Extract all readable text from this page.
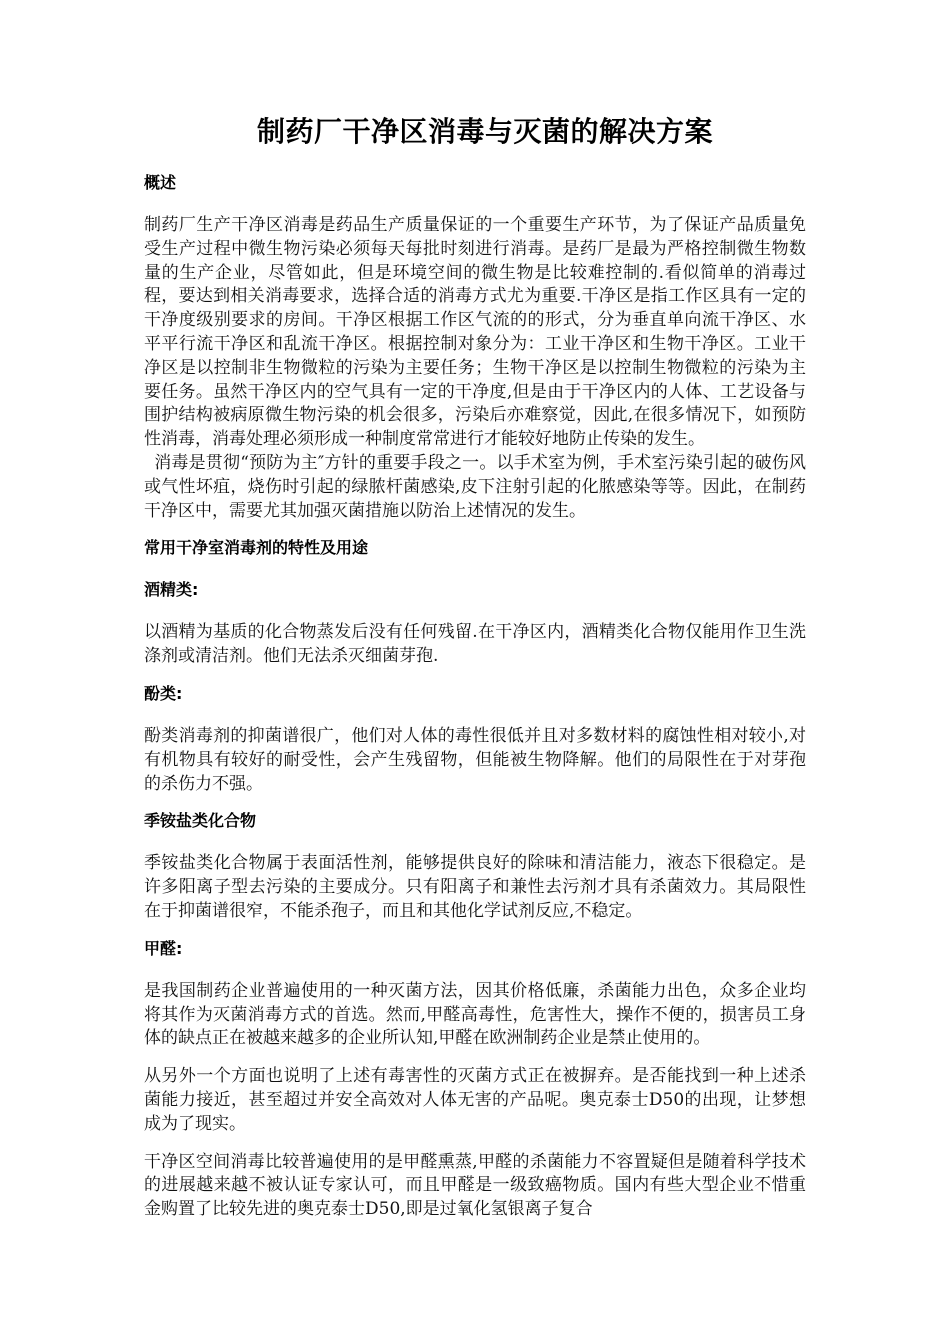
制药厂干净区消毒与灭菌的解决方案
概述

制药厂生产干净区消毒是药品生产质量保证的一个重要生产环节，为了保证产品质量免受生产过程中微生物污染必须每天每批时刻进行消毒。是药厂是最为严格控制微生物数量的生产企业，尽管如此，但是环境空间的微生物是比较难控制的.看似简单的消毒过程，要达到相关消毒要求，选择合适的消毒方式尤为重要.干净区是指工作区具有一定的干净度级别要求的房间。干净区根据工作区气流的的形式，分为垂直单向流干净区、水平平行流干净区和乱流干净区。根据控制对象分为：工业干净区和生物干净区。工业干净区是以控制非生物微粒的污染为主要任务；生物干净区是以控制生物微粒的污染为主要任务。虽然干净区内的空气具有一定的干净度,但是由于干净区内的人体、工艺设备与围护结构被病原微生物污染的机会很多，污染后亦难察觉，因此,在很多情况下，如预防性消毒，消毒处理必须形成一种制度常常进行才能较好地防止传染的发生。
消毒是贯彻“预防为主″方针的重要手段之一。以手术室为例，手术室污染引起的破伤风或气性坏疽，烧伤时引起的绿脓杆菌感染,皮下注射引起的化脓感染等等。因此，在制药干净区中，需要尤其加强灭菌措施以防治上述情况的发生。

常用干净室消毒剂的特性及用途
酒精类:

以酒精为基质的化合物蒸发后没有任何残留.在干净区内，酒精类化合物仅能用作卫生洗涤剂或清洁剂。他们无法杀灭细菌芽孢.

酚类:

酚类消毒剂的抑菌谱很广，他们对人体的毒性很低并且对多数材料的腐蚀性相对较小,对有机物具有较好的耐受性，会产生残留物，但能被生物降解。他们的局限性在于对芽孢的杀伤力不强。

季铵盐类化合物

季铵盐类化合物属于表面活性剂，能够提供良好的除味和清洁能力，液态下很稳定。是许多阳离子型去污染的主要成分。只有阳离子和兼性去污剂才具有杀菌效力。其局限性在于抑菌谱很窄，不能杀孢子，而且和其他化学试剂反应,不稳定。

甲醛:

是我国制药企业普遍使用的一种灭菌方法，因其价格低廉，杀菌能力出色，众多企业均将其作为灭菌消毒方式的首选。然而,甲醛高毒性，危害性大，操作不便的，损害员工身体的缺点正在被越来越多的企业所认知,甲醛在欧洲制药企业是禁止使用的。

从另外一个方面也说明了上述有毒害性的灭菌方式正在被摒弃。是否能找到一种上述杀菌能力接近，甚至超过并安全高效对人体无害的产品呢。奥克泰士D50的出现，让梦想成为了现实。

干净区空间消毒比较普遍使用的是甲醛熏蒸,甲醛的杀菌能力不容置疑但是随着科学技术的进展越来越不被认证专家认可，而且甲醛是一级致癌物质。国内有些大型企业不惜重金购置了比较先进的奥克泰士D50,即是过氧化氢银离子复合
